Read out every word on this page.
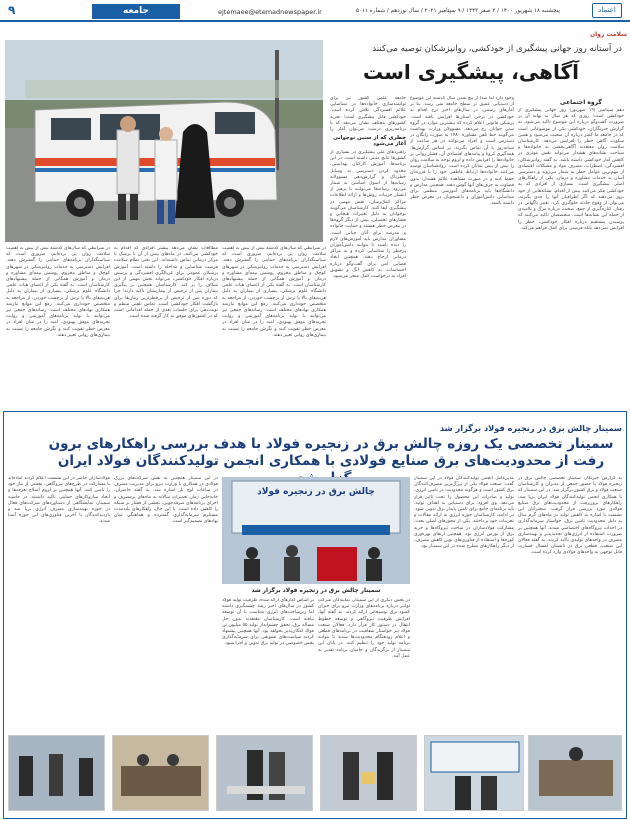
۹	جامعه	ejtemaee@etemadnewspaper.ir	پنجشنبه ۱۸ شهریور ۱۴۰۰ / ۲ صفر ۱۴۴۳ / ۹ سپتامبر ۲۰۲۱ / سال نوزدهم / شماره ۵۰۱۱	اعتماد
سلامت روان
در آستانه روز جهانی پیشگیری از خودکشی، روانپزشکان توصیه می‌کنند
آگاهی، پیشگیری است
گروه اجتماعی
دهم سپتامبر (۱۹ شهریور) روز جهانی پیشگیری از خودکشی است؛ روزی که هر سال به بهانه آن بر ضرورت گفت‌وگو درباره این موضوع تاکید می‌شود. به گزارش خبرنگاران، خودکشی یکی از موضوعاتی است که در جامعه ما کمتر درباره آن صحبت می‌شود و همین سکوت، گاهی خطر را افزایش می‌دهد. کارشناسان سلامت روان معتقدند آگاهی‌بخشی به خانواده‌ها و شناخت نشانه‌های هشدار می‌تواند نقش موثری در کاهش آمار خودکشی داشته باشد. به گفته روانپزشکان، افسردگی، اضطراب، مصرف مواد و مشکلات اقتصادی از مهم‌ترین عوامل خطر به شمار می‌روند و دسترسی آسان به خدمات مشاوره و درمان، یکی از راهکارهای اصلی پیشگیری است. بسیاری از افرادی که به خودکشی فکر می‌کنند پیش از اقدام، نشانه‌هایی از خود بروز می‌دهند که اگر اطرافیان آنها را جدی بگیرند، می‌توان از وقوع حادثه جلوگیری کرد. تغییر ناگهانی در رفتار، کناره‌گیری از جمع، صحبت درباره مرگ و ناامیدی از جمله این نشانه‌ها است. متخصصان تاکید می‌کنند که پرسیدن مستقیم درباره افکار خودکشی، خطر را افزایش نمی‌دهد بلکه فرصتی برای کمک فراهم می‌کند.
وجود دارد اما صدا از پیچ شدن سال گذشته این موضوع از دستیابی عمیق تر سطح جامعه نمی رسد. بنا بر آمارهای رسمی، در سال‌های اخیر نرخ اقدام به خودکشی در برخی استان‌ها افزایش یافته است. پزشکی قانونی اعلام کرده که بیشترین موارد در گروه سنی جوانان رخ می‌دهد. مسوولان وزارت بهداشت می‌گویند خط تلفن مشاوره ۱۴۸۰ به صورت رایگان در دسترس است و افراد می‌توانند در هر ساعت از شبانه‌روز با آن تماس بگیرند. بر اساس گزارش‌ها، همه‌گیری کرونا و پیامدهای اقتصادی آن، فشار روانی بر خانواده‌ها را افزایش داده و لزوم توجه به سلامت روان را بیش از پیش نمایان کرده است. روانشناسان توصیه می‌کنند خانواده‌ها ارتباط عاطفی خود را با فرزندان حفظ کنند و در صورت مشاهده علائم هشدار، بدون قضاوت به حرف‌های آنها گوش دهند. همچنین مدارس و دانشگاه‌ها باید برنامه‌های آموزشی منظمی برای شناسایی دانش‌آموزان و دانشجویان در معرض خطر داشته باشند.
جامعه علمی کشور نیز برای توانمندسازی خانواده‌ها در شناسایی علائم افسردگی تلاش کرده است. خودکشی قابل پیشگیری است؛ تجربه کشورهای مختلف نشان می‌دهد که با برنامه‌ریزی درست می‌توان آمار را
خطری که از سنین نوجوانی آغاز می‌شود
راهبردهای ملی پیشگیری در بسیاری از کشورها نتایج مثبتی داشته است. در این برنامه‌ها، آموزش کارکنان بهداشتی، محدود کردن دسترسی به وسایل خطرناک و گزارش‌دهی مسوولانه رسانه‌ها از اصول اساسی به شمار می‌رود. رسانه‌ها می‌توانند با پرهیز از انتشار جزییات روش‌ها و ارائه اطلاعات مراکز کمک‌رسان، نقش مهمی در پیشگیری ایفا کنند. کارشناسان می‌گویند نوجوانان به دلیل تغییرات هیجانی و فشارهای تحصیلی، بیش از دیگر گروه‌ها در معرض خطر هستند و حمایت خانواده و مدرسه برای آنان حیاتی است. مشاوران مدارس باید آموزش‌های لازم را دیده باشند تا بتوانند دانش‌آموزان پرخطر را شناسایی کرده و به مراکز درمانی ارجاع دهند. همچنین ایجاد فضایی امن برای گفت‌وگو درباره احساسات، به کاهش انگ و تشویق افراد به درخواست کمک منجر می‌شود.
در شرایطی که سال‌های گذشته بیش از پیش به اهمیت سلامت روان پی برده‌ایم، ضروری است که سیاستگذاران برنامه‌های حمایتی را گسترش دهند. افزایش دسترسی به خدمات روانپزشکی در شهرهای کوچک و مناطق محروم، پوشش بیمه‌ای مشاوره و درمان و آموزش همگانی از جمله پیشنهادهای کارشناسان است. به گفته یکی از اعضای هیات علمی دانشگاه علوم پزشکی، بسیاری از بیماران به دلیل هزینه‌های بالا یا ترس از برچسب خوردن، از مراجعه به متخصص خودداری می‌کنند. رفع این موانع نیازمند همکاری نهادهای مختلف است. رسانه‌های جمعی نیز می‌توانند با تولید برنامه‌های آموزشی و روایت تجربه‌های موفق بهبودی، امید را در میان افراد در معرض خطر تقویت کنند و نگرش جامعه را نسبت به بیماری‌های روانی تغییر دهند.
مطالعات نشان می‌دهد بیشتر افرادی که اقدام به خودکشی می‌کنند، در ماه‌های پیش از آن با پزشک یا مرکز درمانی تماس داشته‌اند. این یعنی نظام سلامت فرصت شناسایی و مداخله را داشته است. آموزش پزشکان عمومی برای غربالگری افسردگی و پرسش درباره افکار خودکشی، می‌تواند بخش مهمی از این شکاف را پر کند. کارشناسان همچنین بر پیگیری بیماران پس از ترخیص از بیمارستان تاکید دارند؛ چرا که دوره پس از ترخیص از پرخطرترین زمان‌ها برای بازگشت افکار خودکشی است. تماس تلفنی منظم و نوبت‌دهی برای جلسات بعدی از جمله اقداماتی است که در کشورهای موفق به کار گرفته شده است.
در شرایطی که سال‌های گذشته بیش از پیش به اهمیت سلامت روان پی برده‌ایم، ضروری است که سیاستگذاران برنامه‌های حمایتی را گسترش دهند. افزایش دسترسی به خدمات روانپزشکی در شهرهای کوچک و مناطق محروم، پوشش بیمه‌ای مشاوره و درمان و آموزش همگانی از جمله پیشنهادهای کارشناسان است. به گفته یکی از اعضای هیات علمی دانشگاه علوم پزشکی، بسیاری از بیماران به دلیل هزینه‌های بالا یا ترس از برچسب خوردن، از مراجعه به متخصص خودداری می‌کنند. رفع این موانع نیازمند همکاری نهادهای مختلف است. رسانه‌های جمعی نیز می‌توانند با تولید برنامه‌های آموزشی و روایت تجربه‌های موفق بهبودی، امید را در میان افراد در معرض خطر تقویت کنند و نگرش جامعه را نسبت به بیماری‌های روانی تغییر دهند.
سمینار چالش برق در زنجیره فولاد برگزار شد
سمینار تخصصی یک روزه چالش برق در زنجیره فولاد با هدف بررسی راهکارهای برون رفت از محدودیت‌های برق صنایع فولادی با همکاری انجمن تولیدکنندگان فولاد ایران
چالش برق در زنجیره فولاد
سمینار چالش برق در زنجیره فولاد برگزار شد
به گزارش خبرنگار، سمینار تخصصی چالش برق در زنجیره فولاد با حضور جمعی از مدیران و کارشناسان صنعت فولاد و برق کشور برگزار شد. در این سمینار که با همکاری انجمن تولیدکنندگان فولاد ایران برپا شد، راهکارهای برون‌رفت از محدودیت‌های برق صنایع فولادی مورد بررسی قرار گرفت. سخنرانان این نشست با اشاره به کاهش تولید در ماه‌های گرم سال به دلیل محدودیت تامین برق، خواستار سرمایه‌گذاری در احداث نیروگاه‌های اختصاصی شدند. آنها همچنین بر ضرورت استفاده از انرژی‌های تجدیدپذیر و بهینه‌سازی مصرف در واحدهای تولیدی تاکید کردند. به گفته فعالان این صنعت، قطعی برق در تابستان امسال خسارت قابل توجهی به واحدهای فولادی وارد کرده است.
مدیرعامل انجمن تولیدکنندگان فولاد در این سمینار گفت: صنعت فولاد یکی از بزرگ‌ترین مصرف‌کنندگان برق کشور است و هرگونه محدودیت در تامین انرژی، تولید و صادرات این محصول را تحت تاثیر قرار می‌دهد. وی افزود: برای دستیابی به اهداف تولید، باید برنامه‌ای جامع برای تامین پایدار برق تدوین شود. در ادامه، کارشناسان حوزه انرژی به ارائه مقالات و تجربیات خود پرداختند. یکی از محورهای اصلی بحث، مشارکت فولادسازان در ساخت نیروگاه‌ها و خرید برق از بورس انرژی بود. همچنین ارتقای بهره‌وری کوره‌ها و استفاده از فناوری‌های نوین کاهش مصرف، از دیگر راهکارهای مطرح شده در این سمینار بود.
در بخش دیگری از این سمینار، نمایندگان شرکت توانیر درباره برنامه‌های وزارت نیرو برای جبران کمبود برق توضیحاتی ارائه کردند. به گفته آنها، افزایش ظرفیت نیروگاهی و توسعه خطوط انتقال در دستور کار قرار دارد. فعالان صنعت فولاد نیز خواستار شفافیت در برنامه‌های قطعی و اعلام زودهنگام محدودیت‌ها شدند تا بتوانند برنامه تولید خود را تنظیم کنند. در پایان این سمینار از برگزیدگان و حامیان برنامه تقدیر به عمل آمد.
بر اساس آمارهای ارائه شده، ظرفیت تولید فولاد کشور در سال‌های اخیر رشد چشمگیری داشته اما زیرساخت‌های انرژی متناسب با آن توسعه نیافته است. کارشناسان معتقدند بدون حل مساله برق، تحقق چشم‌انداز تولید ۵۵ میلیون تن فولاد امکان‌پذیر نخواهد بود. آنها همچنین پیشنهاد کردند سیاست‌های تشویقی برای سرمایه‌گذاری بخش خصوصی در تولید برق تدوین و اجرا شود.
در این سمینار همچنین به نقش شرکت‌های بزرگ فولادی در همکاری با وزارت نیرو برای مدیریت مصرف در ساعات اوج بار اشاره شد. به گفته حاضران، جابه‌جایی زمان تعمیرات سالانه به ماه‌های پرمصرف و اجرای برنامه‌های صرفه‌جویی، بخشی از فشار بر شبکه را کاهش داده است. با این حال، راهکارهای بلندمدت مستلزم سرمایه‌گذاری گسترده و هماهنگی میان نهادهای تصمیم‌گیر است.
فولادسازان حاضر در این نشست اعلام کردند آماده‌اند با مشارکت در طرح‌های نیروگاهی، بخشی از نیاز خود را تامین کنند. آنها همچنین بر لزوم اصلاح تعرفه‌ها و ایجاد سازوکارهای حمایتی تاکید داشتند. در حاشیه سمینار، نمایشگاهی از دستاوردهای شرکت‌های فعال در حوزه بهینه‌سازی مصرف انرژی برپا شد و بازدیدکنندگان با آخرین فناوری‌های این حوزه آشنا شدند.
